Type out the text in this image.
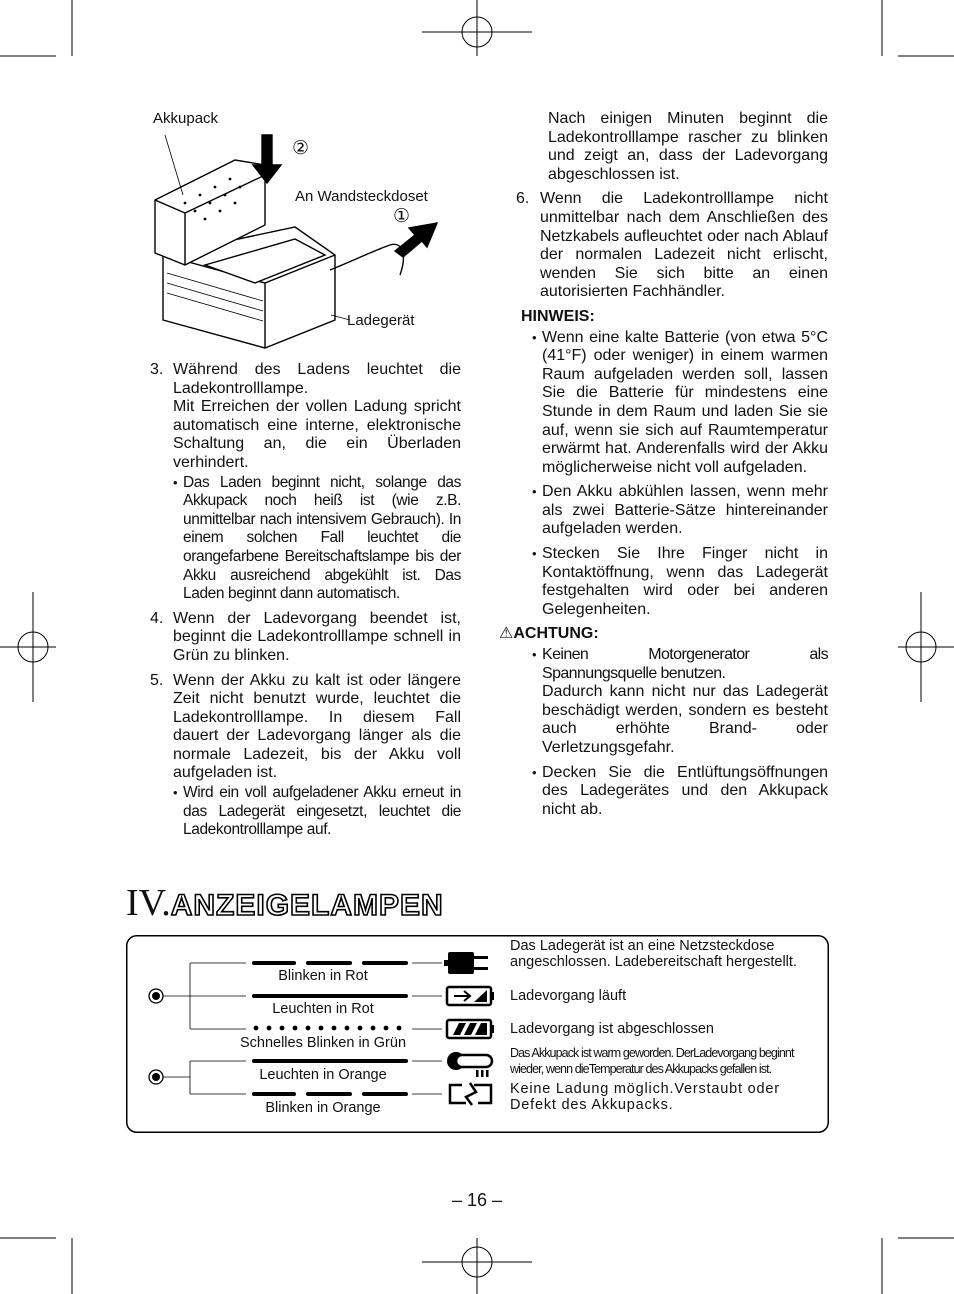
Akkupack
②
An Wandsteckdoset
①
Ladegerät
3. Während des Ladens leuchtet die Ladekontrolllampe.

Mit Erreichen der vollen Ladung spricht automatisch eine interne, elektronische Schaltung an, die ein Überladen verhindert.

• Das Laden beginnt nicht, solange das Akkupack noch heiß ist (wie z.B. unmittelbar nach intensivem Gebrauch). In einem solchen Fall leuchtet die orangefarbene Bereitschaftslampe bis der Akku ausreichend abgekühlt ist. Das Laden beginnt dann automatisch.
4. Wenn der Ladevorgang beendet ist, beginnt die Ladekontrolllampe schnell in Grün zu blinken.

5. Wenn der Akku zu kalt ist oder längere Zeit nicht benutzt wurde, leuchtet die Ladekontrolllampe. In diesem Fall dauert der Ladevorgang länger als die normale Ladezeit, bis der Akku voll aufgeladen ist.

• Wird ein voll aufgeladener Akku erneut in das Ladegerät eingesetzt, leuchtet die Ladekontrolllampe auf.

Nach einigen Minuten beginnt die Ladekontrolllampe rascher zu blinken und zeigt an, dass der Ladevorgang abgeschlossen ist.

6. Wenn die Ladekontrolllampe nicht unmittelbar nach dem Anschließen des Netzkabels aufleuchtet oder nach Ablauf der normalen Ladezeit nicht erlischt, wenden Sie sich bitte an einen autorisierten Fachhändler.

HINWEIS:
• Wenn eine kalte Batterie (von etwa 5°C (41°F) oder weniger) in einem warmen Raum aufgeladen werden soll, lassen Sie die Batterie für mindestens eine Stunde in dem Raum und laden Sie sie auf, wenn sie sich auf Raumtemperatur erwärmt hat. Anderenfalls wird der Akku möglicherweise nicht voll aufgeladen.
• Den Akku abkühlen lassen, wenn mehr als zwei Batterie-Sätze hintereinander aufgeladen werden.
• Stecken Sie Ihre Finger nicht in Kontaktöffnung, wenn das Ladegerät festgehalten wird oder bei anderen Gelegenheiten.
⚠ACHTUNG:
• Keinen Motorgenerator als Spannungsquelle benutzen.

Dadurch kann nicht nur das Ladegerät beschädigt werden, sondern es besteht auch erhöhte Brand- oder Verletzungsgefahr.

• Decken Sie die Entlüftungsöffnungen des Ladegerätes und den Akkupack nicht ab.
IV.ANZEIGELAMPEN
Blinken in Rot
Leuchten in Rot
Schnelles Blinken in Grün
Leuchten in Orange
Blinken in Orange
Das Ladegerät ist an eine Netzsteckdose angeschlossen. Ladebereitschaft hergestellt.
Ladevorgang läuft
Ladevorgang ist abgeschlossen
Das Akkupack ist warm geworden. DerLadevorgang beginnt wieder, wenn dieTemperatur des Akkupacks gefallen ist.
Keine Ladung möglich.Verstaubt oder Defekt des Akkupacks.
– 16 –
